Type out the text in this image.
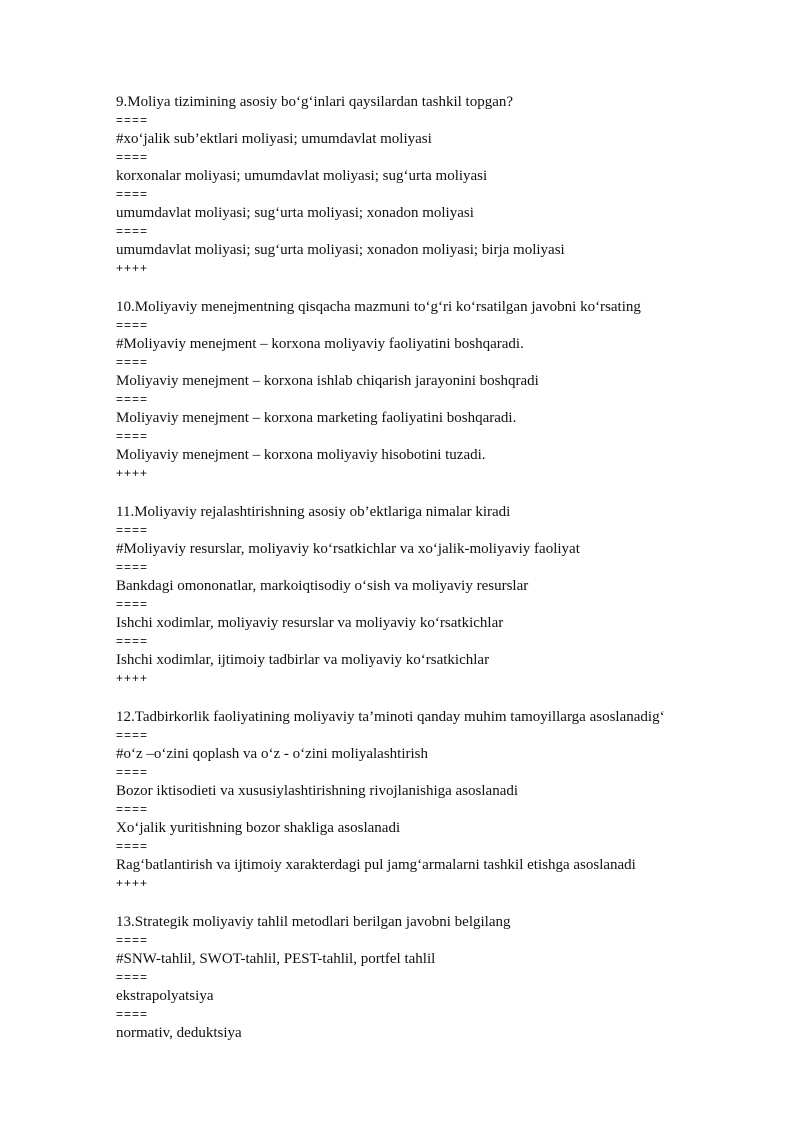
9.Moliya tizimining asosiy bo‘g‘inlari qaysilardan tashkil topgan?
====
#xo‘jalik sub’ektlari moliyasi; umumdavlat moliyasi
====
korxonalar moliyasi; umumdavlat moliyasi; sug‘urta moliyasi
====
umumdavlat moliyasi; sug‘urta moliyasi; xonadon moliyasi
====
umumdavlat moliyasi; sug‘urta moliyasi; xonadon moliyasi; birja moliyasi
++++
10.Moliyaviy menejmentning qisqacha mazmuni to‘g‘ri ko‘rsatilgan javobni ko‘rsating
====
#Moliyaviy menejment – korxona moliyaviy faoliyatini boshqaradi.
====
Moliyaviy menejment – korxona ishlab chiqarish jarayonini boshqradi
====
Moliyaviy menejment – korxona marketing faoliyatini boshqaradi.
====
Moliyaviy menejment – korxona moliyaviy hisobotini tuzadi.
++++
11.Moliyaviy rejalashtirishning asosiy ob’ektlariga nimalar kiradi
====
#Moliyaviy resurslar, moliyaviy ko‘rsatkichlar va xo‘jalik-moliyaviy faoliyat
====
Bankdagi omononatlar, markoiqtisodiy o‘sish va moliyaviy resurslar
====
Ishchi xodimlar, moliyaviy resurslar va moliyaviy ko‘rsatkichlar
====
Ishchi xodimlar, ijtimoiy tadbirlar va moliyaviy ko‘rsatkichlar
++++
12.Tadbirkorlik faoliyatining moliyaviy ta’minoti qanday muhim tamoyillarga asoslanadig‘
====
#o‘z –o‘zini qoplash va o‘z - o‘zini moliyalashtirish
====
Bozor iktisodieti va xususiylashtirishning rivojlanishiga asoslanadi
====
Xo‘jalik yuritishning bozor shakliga asoslanadi
====
Rag‘batlantirish va ijtimoiy xarakterdagi pul jamg‘armalarni tashkil etishga asoslanadi
++++
13.Strategik moliyaviy tahlil metodlari berilgan javobni belgilang
====
#SNW-tahlil, SWOT-tahlil, PEST-tahlil, portfel tahlil
====
ekstrapolyatsiya
====
normativ, deduktsiya
